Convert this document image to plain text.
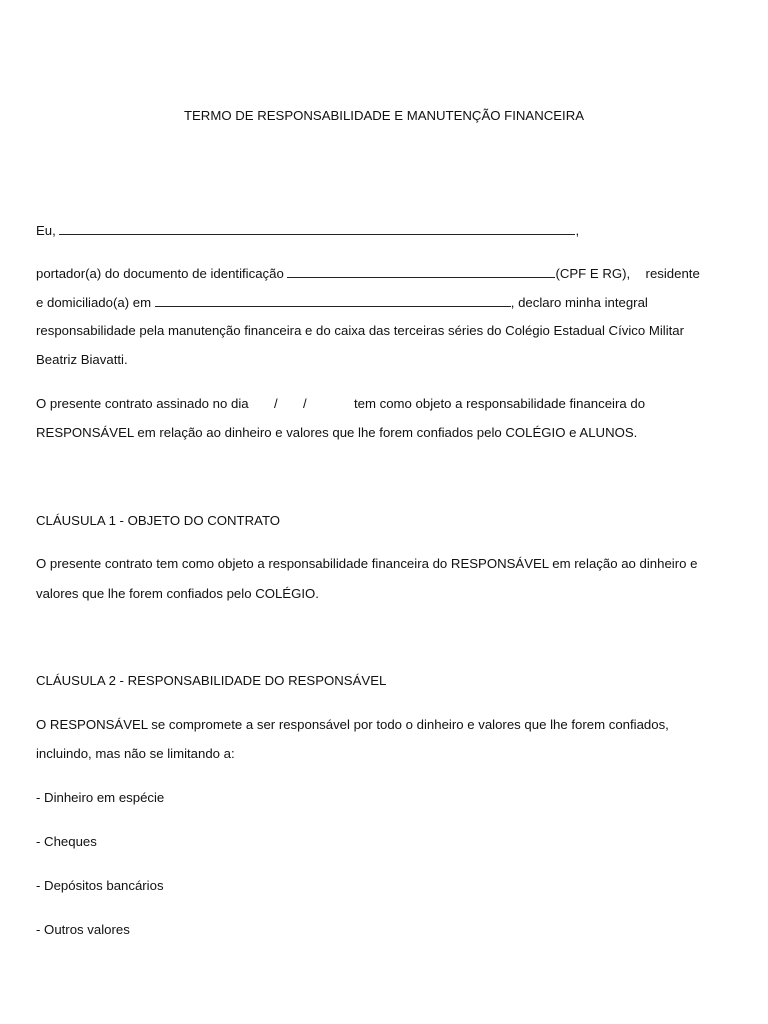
TERMO DE RESPONSABILIDADE E MANUTENÇÃO FINANCEIRA
Eu,	,
portador(a) do documento de identificação	(CPF E RG), residente
e domiciliado(a) em	, declaro minha integral
responsabilidade pela manutenção financeira e do caixa das terceiras séries do Colégio Estadual Cívico Militar
Beatriz Biavatti.
O presente contrato assinado no dia / /	tem como objeto a responsabilidade financeira do
RESPONSÁVEL em relação ao dinheiro e valores que lhe forem confiados pelo COLÉGIO e ALUNOS.
CLÁUSULA 1 - OBJETO DO CONTRATO
O presente contrato tem como objeto a responsabilidade financeira do RESPONSÁVEL em relação ao dinheiro e
valores que lhe forem confiados pelo COLÉGIO.
CLÁUSULA 2 - RESPONSABILIDADE DO RESPONSÁVEL
O RESPONSÁVEL se compromete a ser responsável por todo o dinheiro e valores que lhe forem confiados,
incluindo, mas não se limitando a:
- Dinheiro em espécie
- Cheques
- Depósitos bancários
- Outros valores
